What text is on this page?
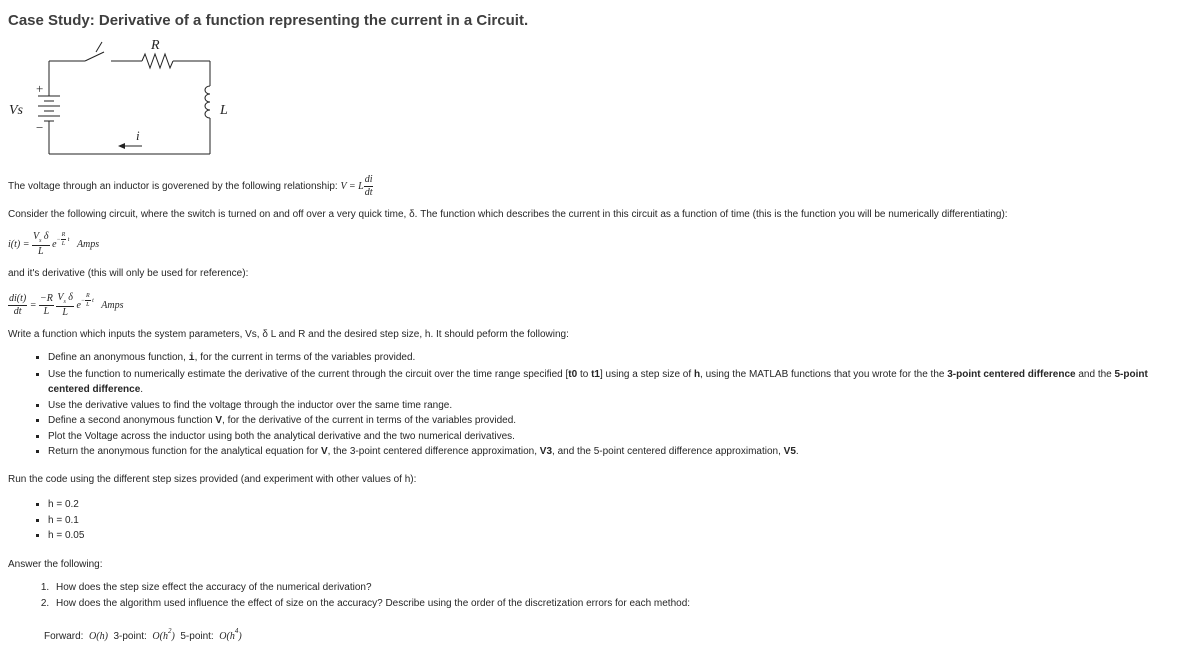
Case Study: Derivative of a function representing the current in a Circuit.
R
Vs	L
i
+
−
The voltage through an inductor is goverened by the following relationship: V = L $\frac{di}{dt}$
Consider the following circuit, where the switch is turned on and off over a very quick time, δ. The function which describes the current in this circuit as a function of time (this is the function you will be numerically differentiating):
$i(t) = \frac{V_s \delta}{L} e^{- \frac{R}{L} t}$ Amps
and it's derivative (this will only be used for reference):
$\frac{di(t)}{dt} = \frac{-R}{L}$
$\frac{V_s \delta}{L} e^{- \frac{R}{L} t}$ Amps
Write a function which inputs the system parameters, Vs, δ L and R and the desired step size, h. It should peform the following:
Define an anonymous function, i, for the current in terms of the variables provided.
Use the function to numerically estimate the derivative of the current through the circuit over the time range specified [t0 to t1] using a step size of h, using the MATLAB functions that you wrote for the the 3-point centered difference and the 5-point centered difference.
Use the derivative values to find the voltage through the inductor over the same time range.
Define a second anonymous function V, for the derivative of the current in terms of the variables provided.
Plot the Voltage across the inductor using both the analytical derivative and the two numerical derivatives.
Return the anonymous function for the analytical equation for V, the 3-point centered difference approximation, V3, and the 5-point centered difference approximation, V5.
Run the code using the different step sizes provided (and experiment with other values of h):
h = 0.2
h = 0.1
h = 0.05
Answer the following:
1. How does the step size effect the accuracy of the numerical derivation?
2. How does the algorithm used influence the effect of size on the accuracy? Describe using the order of the discretization errors for each method:
Forward: O(h) 3-point: $O(h^2)$ 5-point: $O(h^4)$
